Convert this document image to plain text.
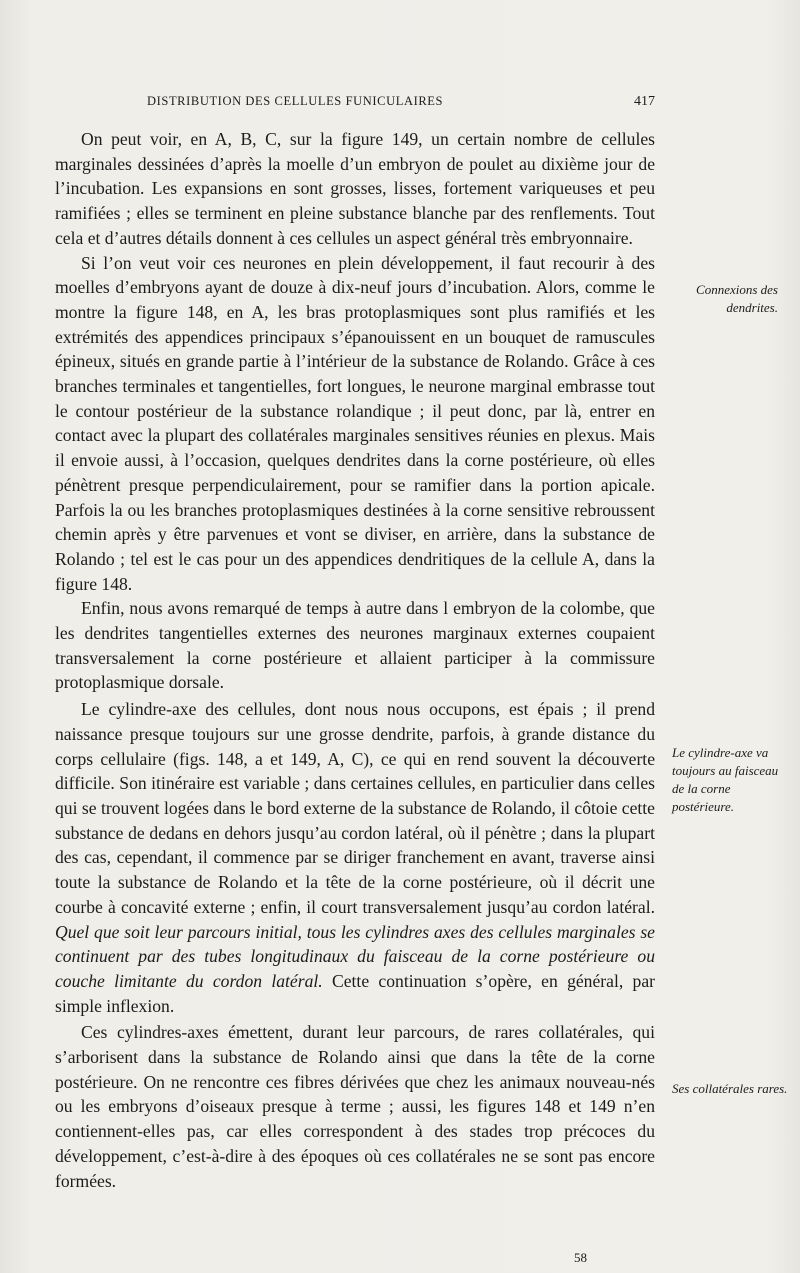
DISTRIBUTION DES CELLULES FUNICULAIRES	417

On peut voir, en A, B, C, sur la figure 149, un certain nombre de cellules marginales dessinées d’après la moelle d’un embryon de poulet au dixième jour de l’incubation. Les expansions en sont grosses, lisses, fortement variqueuses et peu ramifiées ; elles se terminent en pleine substance blanche par des renflements. Tout cela et d’autres détails donnent à ces cellules un aspect général très embryonnaire.

Si l’on veut voir ces neurones en plein développement, il faut recourir à des moelles d’embryons ayant de douze à dix-neuf jours d’incubation. Alors, comme le montre la figure 148, en A, les bras protoplasmiques sont plus ramifiés et les extrémités des appendices principaux s’épanouissent en un bouquet de ramuscules épineux, situés en grande partie à l’intérieur de la substance de Rolando. Grâce à ces branches terminales et tangentielles, fort longues, le neurone marginal embrasse tout le contour postérieur de la substance rolandique ; il peut donc, par là, entrer en contact avec la plupart des collatérales marginales sensitives réunies en plexus. Mais il envoie aussi, à l’occasion, quelques dendrites dans la corne postérieure, où elles pénètrent presque perpendiculairement, pour se ramifier dans la portion apicale. Parfois la ou les branches protoplasmiques destinées à la corne sensitive rebroussent chemin après y être parvenues et vont se diviser, en arrière, dans la substance de Rolando ; tel est le cas pour un des appendices dendritiques de la cellule A, dans la figure 148.

Enfin, nous avons remarqué de temps à autre dans l embryon de la colombe, que les dendrites tangentielles externes des neurones marginaux externes coupaient transversalement la corne postérieure et allaient participer à la commissure protoplasmique dorsale.

Le cylindre-axe des cellules, dont nous nous occupons, est épais ; il prend naissance presque toujours sur une grosse dendrite, parfois, à grande distance du corps cellulaire (figs. 148, a et 149, A, C), ce qui en rend souvent la découverte difficile. Son itinéraire est variable ; dans certaines cellules, en particulier dans celles qui se trouvent logées dans le bord externe de la substance de Rolando, il côtoie cette substance de dedans en dehors jusqu’au cordon latéral, où il pénètre ; dans la plupart des cas, cependant, il commence par se diriger franchement en avant, traverse ainsi toute la substance de Rolando et la tête de la corne postérieure, où il décrit une courbe à concavité externe ; enfin, il court transversalement jusqu’au cordon latéral. Quel que soit leur parcours initial, tous les cylindres axes des cellules marginales se continuent par des tubes longitudinaux du faisceau de la corne postérieure ou couche limitante du cordon latéral. Cette continuation s’opère, en général, par simple inflexion.

Ces cylindres-axes émettent, durant leur parcours, de rares collatérales, qui s’arborisent dans la substance de Rolando ainsi que dans la tête de la corne postérieure. On ne rencontre ces fibres dérivées que chez les animaux nouveau-nés ou les embryons d’oiseaux presque à terme ; aussi, les figures 148 et 149 n’en contiennent-elles pas, car elles correspondent à des stades trop précoces du développement, c’est-à-dire à des époques où ces collatérales ne se sont pas encore formées.

Connexions des dendrites.
Le cylindre-axe va toujours au faisceau de la corne postérieure.
Ses collatérales rares.
58
